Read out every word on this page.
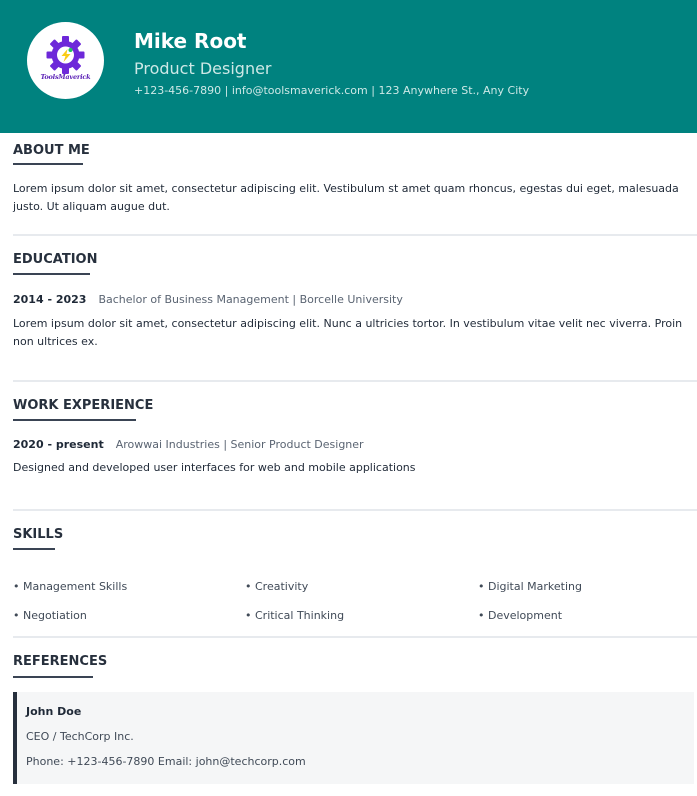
ToolsMaverick
Mike Root
Product Designer
+123-456-7890 | info@toolsmaverick.com | 123 Anywhere St., Any City
ABOUT ME

Lorem ipsum dolor sit amet, consectetur adipiscing elit. Vestibulum st amet quam rhoncus, egestas dui eget, malesuada justo. Ut aliquam augue dut.

EDUCATION
2014 - 2023 Bachelor of Business Management | Borcelle University

Lorem ipsum dolor sit amet, consectetur adipiscing elit. Nunc a ultricies tortor. In vestibulum vitae velit nec viverra. Proin non ultrices ex.

WORK EXPERIENCE
2020 - present Arowwai Industries | Senior Product Designer

Designed and developed user interfaces for web and mobile applications

SKILLS
• Management Skills	• Creativity	• Digital Marketing
• Negotiation	• Critical Thinking	• Development
REFERENCES
John Doe
CEO / TechCorp Inc.
Phone: +123-456-7890 Email: john@techcorp.com
